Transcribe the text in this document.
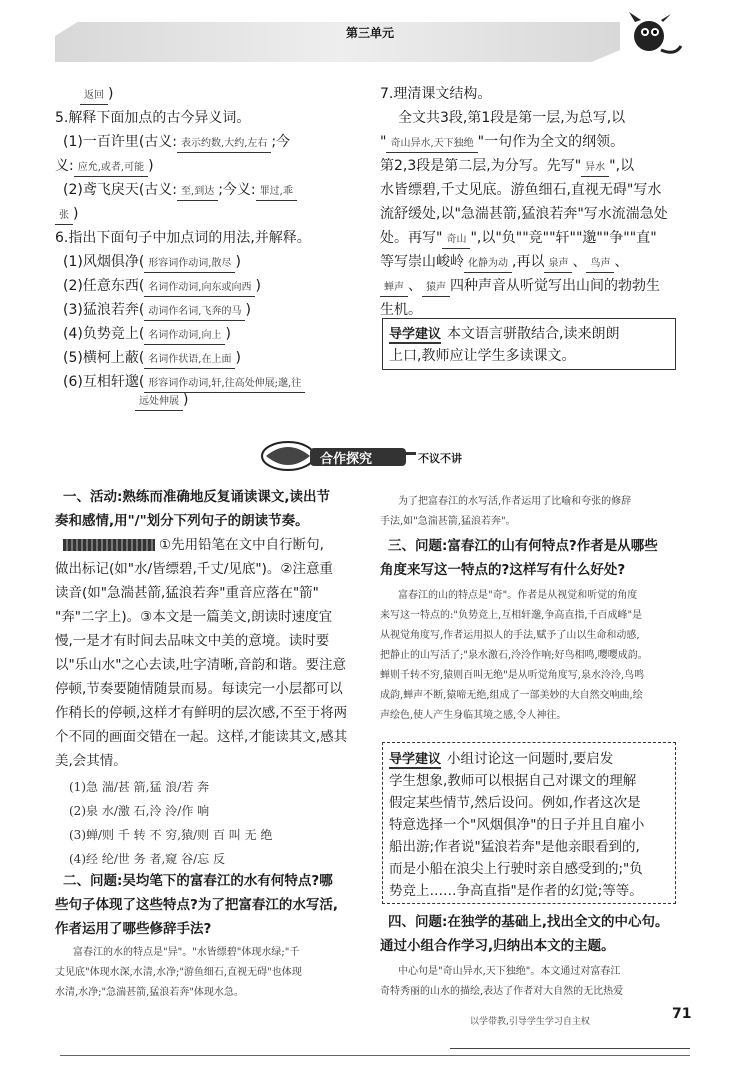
第三单元
返回 )
5.解释下面加点的古今异义词。
(1)一百许里(古义: 表示约数,大约,左右 ;今
义: 应允,或者,可能 )
(2)鸢飞戾天(古义: 至,到达 ;今义: 罪过,乖
张 )
6.指出下面句子中加点词的用法,并解释。
(1)风烟俱净( 形容词作动词,散尽 )
(2)任意东西( 名词作动词,向东或向西 )
(3)猛浪若奔( 动词作名词,飞奔的马 )
(4)负势竞上( 名词作动词,向上 )
(5)横柯上蔽( 名词作状语,在上面 )
(6)互相轩邈( 形容词作动词,轩,往高处伸展;邈,往
远处伸展 )
7.理清课文结构。
全文共3段,第1段是第一层,为总写,以
" 奇山异水,天下独绝 "一句作为全文的纲领。
第2,3段是第二层,为分写。先写" 异水 ",以
水皆缥碧,千丈见底。游鱼细石,直视无碍"写水
流舒缓处,以"急湍甚箭,猛浪若奔"写水流湍急处
处。再写" 奇山 ",以"负""竞""轩""邈""争""直"
等写崇山峻岭 化静为动 ,再以 泉声 、 鸟声 、
蝉声 、 猿声 四种声音从听觉写出山间的勃勃生
生机。
导学建议 本文语言骈散结合,读来朗朗
上口,教师应让学生多读课文。
合作探究	不议不讲
一、活动:熟练而准确地反复诵读课文,读出节
奏和感情,用"/"划分下列句子的朗读节奏。
①先用铅笔在文中自行断句,
做出标记(如"水/皆缥碧,千丈/见底")。②注意重
读音(如"急湍甚箭,猛浪若奔"重音应落在"箭"
"奔"二字上)。③本文是一篇美文,朗读时速度宜
慢,一是才有时间去品味文中美的意境。读时要
以"乐山水"之心去读,吐字清晰,音韵和谐。要注意
停顿,节奏要随情随景而易。每读完一小层都可以
作稍长的停顿,这样才有鲜明的层次感,不至于将两
个不同的画面交错在一起。这样,才能读其文,感其
美,会其情。
(1)急 湍/甚 箭,猛 浪/若 奔
(2)泉 水/激 石,泠 泠/作 响
(3)蝉/则 千 转 不 穷,猿/则 百 叫 无 绝
(4)经 纶/世 务 者,窥 谷/忘 反
二、问题:吴均笔下的富春江的水有何特点?哪
些句子体现了这些特点?为了把富春江的水写活,
作者运用了哪些修辞手法?
富春江的水的特点是"异"。"水皆缥碧"体现水绿;"千
丈见底"体现水深,水清,水净;"游鱼细石,直视无碍"也体现
水清,水净;"急湍甚箭,猛浪若奔"体现水急。
为了把富春江的水写活,作者运用了比喻和夸张的修辞
手法,如"急湍甚箭,猛浪若奔"。
三、问题:富春江的山有何特点?作者是从哪些
角度来写这一特点的?这样写有什么好处?
富春江的山的特点是"奇"。作者是从视觉和听觉的角度
来写这一特点的:"负势竞上,互相轩邈,争高直指,千百成峰"是
从视觉角度写,作者运用拟人的手法,赋予了山以生命和动感,
把静止的山写活了;"泉水激石,泠泠作响;好鸟相鸣,嘤嘤成韵。
蝉则千转不穷,猿则百叫无绝"是从听觉角度写,泉水泠泠,鸟鸣
成韵,蝉声不断,猿啼无绝,组成了一部美妙的大自然交响曲,绘
声绘色,使人产生身临其境之感,令人神往。
导学建议 小组讨论这一问题时,要启发
学生想象,教师可以根据自己对课文的理解
假定某些情节,然后设问。例如,作者这次是
特意选择一个"风烟俱净"的日子并且自雇小
船出游;作者说"猛浪若奔"是他亲眼看到的,
而是小船在浪尖上行驶时亲自感受到的;"负
势竞上……争高直指"是作者的幻觉;等等。
四、问题:在独学的基础上,找出全文的中心句。
通过小组合作学习,归纳出本文的主题。
中心句是"奇山异水,天下独绝"。本文通过对富春江
奇特秀丽的山水的描绘,表达了作者对大自然的无比热爱
以学带教,引导学生学习自主权	71
